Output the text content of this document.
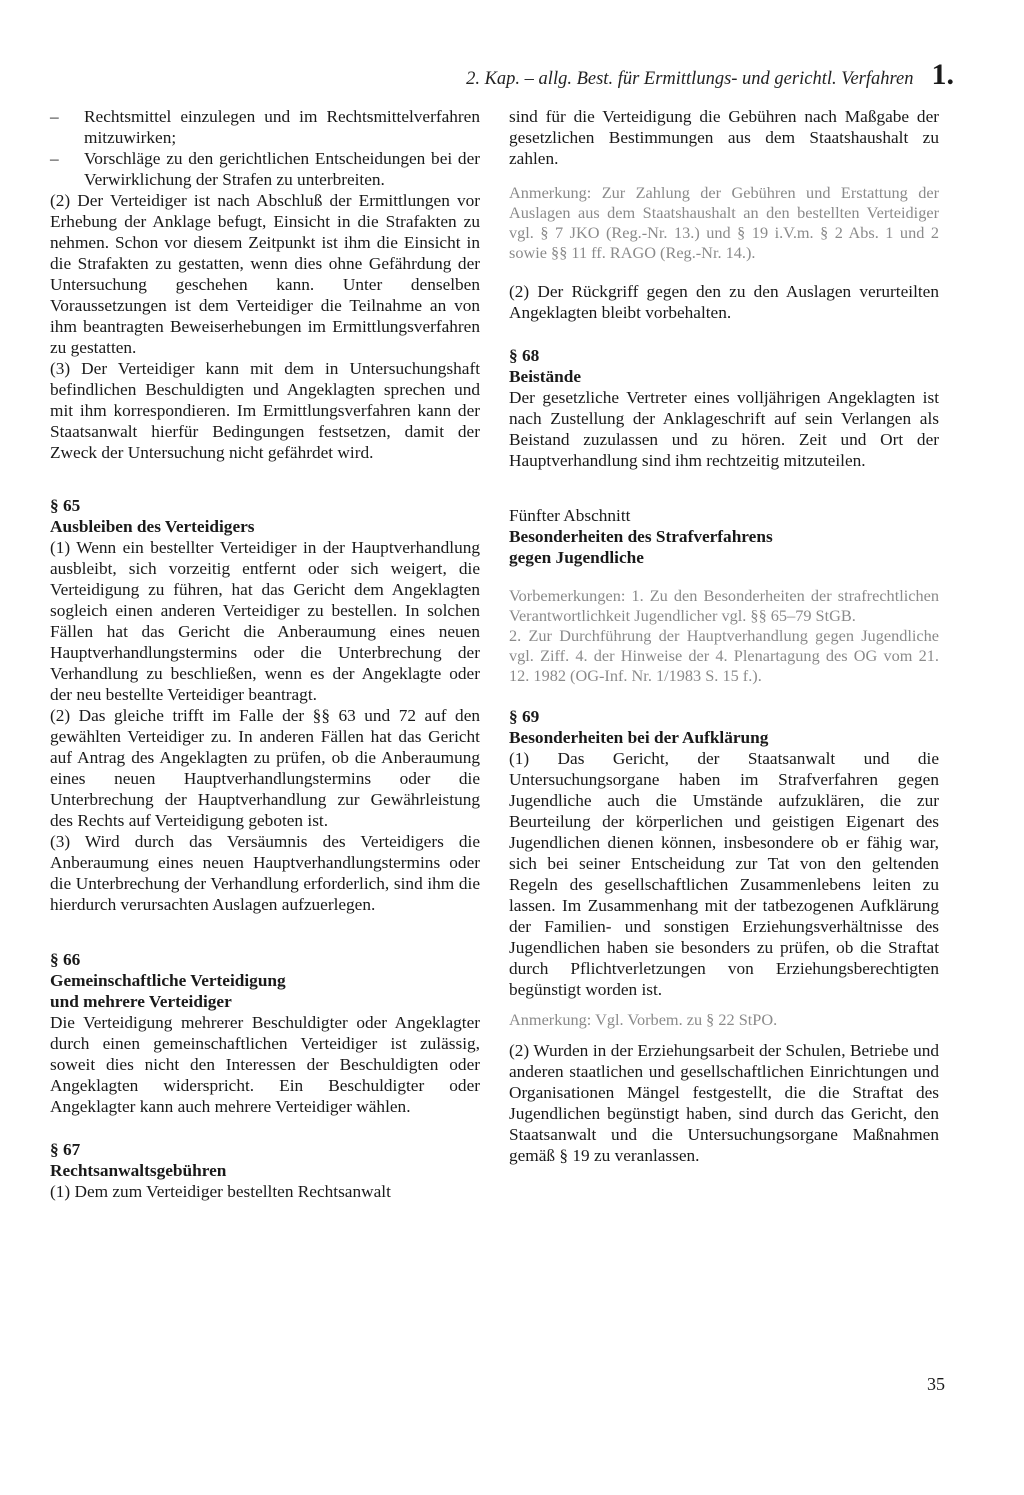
2. Kap. – allg. Best. für Ermittlungs- und gerichtl. Verfahren 1.
– Rechtsmittel einzulegen und im Rechtsmittelverfahren mitzuwirken;
– Vorschläge zu den gerichtlichen Entscheidungen bei der Verwirklichung der Strafen zu unterbreiten.

(2) Der Verteidiger ist nach Abschluß der Ermittlungen vor Erhebung der Anklage befugt, Einsicht in die Strafakten zu nehmen. Schon vor diesem Zeitpunkt ist ihm die Einsicht in die Strafakten zu gestatten, wenn dies ohne Gefährdung der Untersuchung geschehen kann. Unter denselben Voraussetzungen ist dem Verteidiger die Teilnahme an von ihm beantragten Beweiserhebungen im Ermittlungsverfahren zu gestatten.

(3) Der Verteidiger kann mit dem in Untersuchungshaft befindlichen Beschuldigten und Angeklagten sprechen und mit ihm korrespondieren. Im Ermittlungsverfahren kann der Staatsanwalt hierfür Bedingungen festsetzen, damit der Zweck der Untersuchung nicht gefährdet wird.

§ 65
Ausbleiben des Verteidigers

(1) Wenn ein bestellter Verteidiger in der Hauptverhandlung ausbleibt, sich vorzeitig entfernt oder sich weigert, die Verteidigung zu führen, hat das Gericht dem Angeklagten sogleich einen anderen Verteidiger zu bestellen. In solchen Fällen hat das Gericht die Anberaumung eines neuen Hauptverhandlungstermins oder die Unterbrechung der Verhandlung zu beschließen, wenn es der Angeklagte oder der neu bestellte Verteidiger beantragt.

(2) Das gleiche trifft im Falle der §§ 63 und 72 auf den gewählten Verteidiger zu. In anderen Fällen hat das Gericht auf Antrag des Angeklagten zu prüfen, ob die Anberaumung eines neuen Hauptverhandlungstermins oder die Unterbrechung der Hauptverhandlung zur Gewährleistung des Rechts auf Verteidigung geboten ist.

(3) Wird durch das Versäumnis des Verteidigers die Anberaumung eines neuen Hauptverhandlungstermins oder die Unterbrechung der Verhandlung erforderlich, sind ihm die hierdurch verursachten Auslagen aufzuerlegen.

§ 66
Gemeinschaftliche Verteidigung
und mehrere Verteidiger

Die Verteidigung mehrerer Beschuldigter oder Angeklagter durch einen gemeinschaftlichen Verteidiger ist zulässig, soweit dies nicht den Interessen der Beschuldigten oder Angeklagten widerspricht. Ein Beschuldigter oder Angeklagter kann auch mehrere Verteidiger wählen.

§ 67
Rechtsanwaltsgebühren

(1) Dem zum Verteidiger bestellten Rechtsanwalt

sind für die Verteidigung die Gebühren nach Maßgabe der gesetzlichen Bestimmungen aus dem Staatshaushalt zu zahlen.

Anmerkung: Zur Zahlung der Gebühren und Erstattung der Auslagen aus dem Staatshaushalt an den bestellten Verteidiger vgl. § 7 JKO (Reg.-Nr. 13.) und § 19 i.V.m. § 2 Abs. 1 und 2 sowie §§ 11 ff. RAGO (Reg.-Nr. 14.).

(2) Der Rückgriff gegen den zu den Auslagen verurteilten Angeklagten bleibt vorbehalten.

§ 68
Beistände

Der gesetzliche Vertreter eines volljährigen Angeklagten ist nach Zustellung der Anklageschrift auf sein Verlangen als Beistand zuzulassen und zu hören. Zeit und Ort der Hauptverhandlung sind ihm rechtzeitig mitzuteilen.

Fünfter Abschnitt
Besonderheiten des Strafverfahrens
gegen Jugendliche

Vorbemerkungen: 1. Zu den Besonderheiten der strafrechtlichen Verantwortlichkeit Jugendlicher vgl. §§ 65–79 StGB.

2. Zur Durchführung der Hauptverhandlung gegen Jugendliche vgl. Ziff. 4. der Hinweise der 4. Plenartagung des OG vom 21. 12. 1982 (OG-Inf. Nr. 1/1983 S. 15 f.).

§ 69
Besonderheiten bei der Aufklärung

(1) Das Gericht, der Staatsanwalt und die Untersuchungsorgane haben im Strafverfahren gegen Jugendliche auch die Umstände aufzuklären, die zur Beurteilung der körperlichen und geistigen Eigenart des Jugendlichen dienen können, insbesondere ob er fähig war, sich bei seiner Entscheidung zur Tat von den geltenden Regeln des gesellschaftlichen Zusammenlebens leiten zu lassen. Im Zusammenhang mit der tatbezogenen Aufklärung der Familien- und sonstigen Erziehungsverhältnisse des Jugendlichen haben sie besonders zu prüfen, ob die Straftat durch Pflichtverletzungen von Erziehungsberechtigten begünstigt worden ist.

Anmerkung: Vgl. Vorbem. zu § 22 StPO.

(2) Wurden in der Erziehungsarbeit der Schulen, Betriebe und anderen staatlichen und gesellschaftlichen Einrichtungen und Organisationen Mängel festgestellt, die die Straftat des Jugendlichen begünstigt haben, sind durch das Gericht, den Staatsanwalt und die Untersuchungsorgane Maßnahmen gemäß § 19 zu veranlassen.

35
